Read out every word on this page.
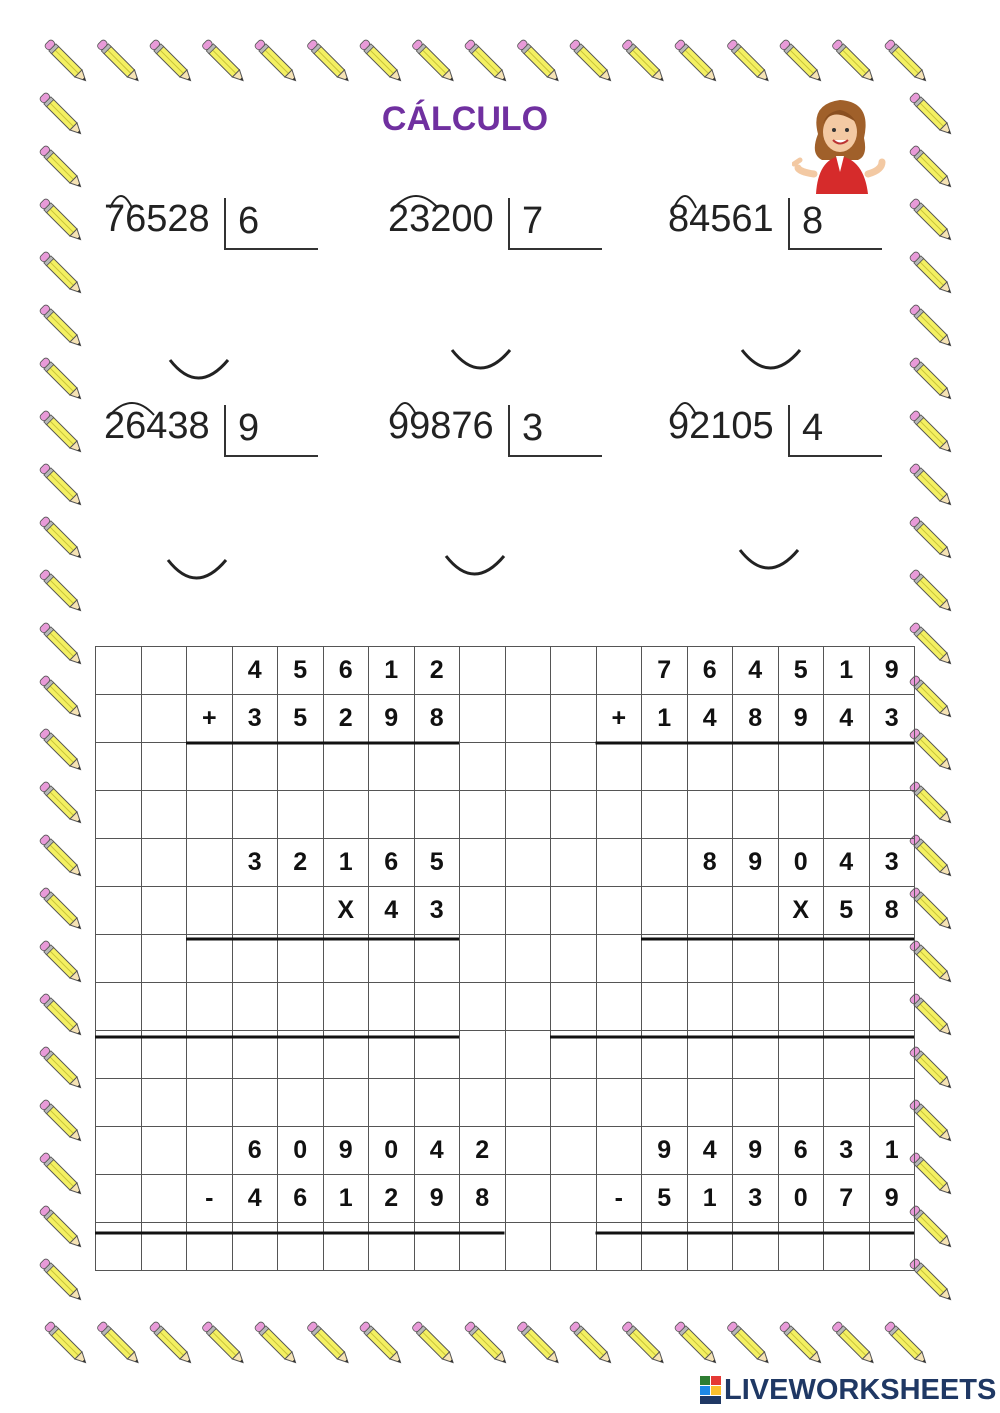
CÁLCULO
76528 6	23200 7	84561 8
26438 9	99876 3	92105 4
			4	5	6	1	2					7	6	4	5	1	9
		+	3	5	2	9	8				+	1	4	8	9	4	3

			3	2	1	6	5						8	9	0	4	3
					X	4	3								X	5	8

			6	0	9	0	4	2				9	4	9	6	3	1
		-	4	6	1	2	9	8			-	5	1	3	0	7	9

LIVEWORKSHEETS
